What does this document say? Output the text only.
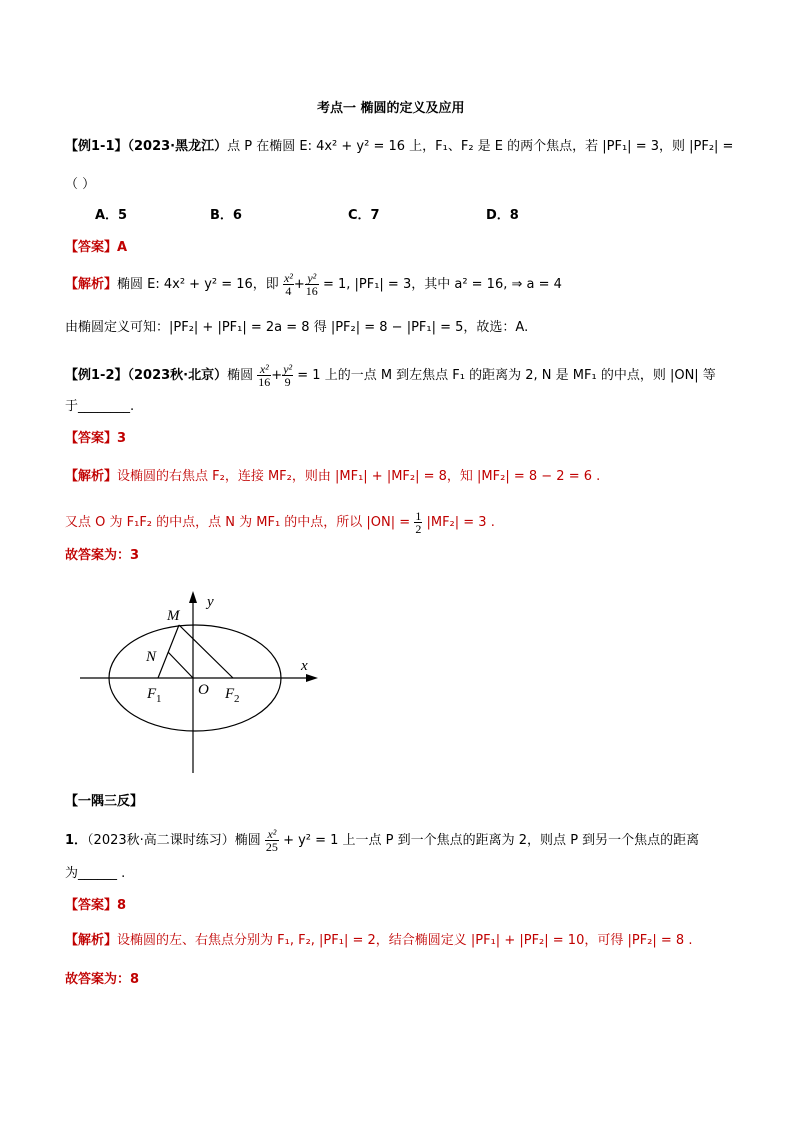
考点一 椭圆的定义及应用
【例1-1】（2023·黑龙江）点 P 在椭圆 E: 4x² + y² = 16 上，F₁、F₂ 是 E 的两个焦点，若 |PF₁| = 3，则 |PF₂| =
（ ）
A．5	B．6	C．7	D．8
【答案】A
【解析】椭圆 E: 4x² + y² = 16，即 $\frac{\text{x²}}{4} + \frac{\text{y²}}{16} = 1$, |PF₁| = 3，其中 a² = 16, ⇒ a = 4
由椭圆定义可知：|PF₂| + |PF₁| = 2a = 8 得 |PF₂| = 8 − |PF₁| = 5，故选：A.
【例1-2】（2023秋·北京）椭圆 $\frac{\text{x²}}{16} + \frac{\text{y²}}{9} = 1$ 上的一点 M 到左焦点 F₁ 的距离为 2, N 是 MF₁ 的中点，则 |ON| 等
于________.
【答案】3
【解析】设椭圆的右焦点 F₂，连接 MF₂，则由 |MF₁| + |MF₂| = 8，知 |MF₂| = 8 − 2 = 6 .
又点 O 为 F₁F₂ 的中点，点 N 为 MF₁ 的中点，所以 $|ON| = \frac{1}{2} |MF_2| = 3$ .
故答案为：3
y
x
M
N
O
F 1	F 2
【一隅三反】
1．（2023秋·高二课时练习）椭圆 $\frac{\text{x²}}{25} + y^2 = 1$ 上一点 P 到一个焦点的距离为 2，则点 P 到另一个焦点的距离
为______ .
【答案】8
【解析】设椭圆的左、右焦点分别为 F₁, F₂, |PF₁| = 2，结合椭圆定义 |PF₁| + |PF₂| = 10，可得 |PF₂| = 8 .
故答案为：8
